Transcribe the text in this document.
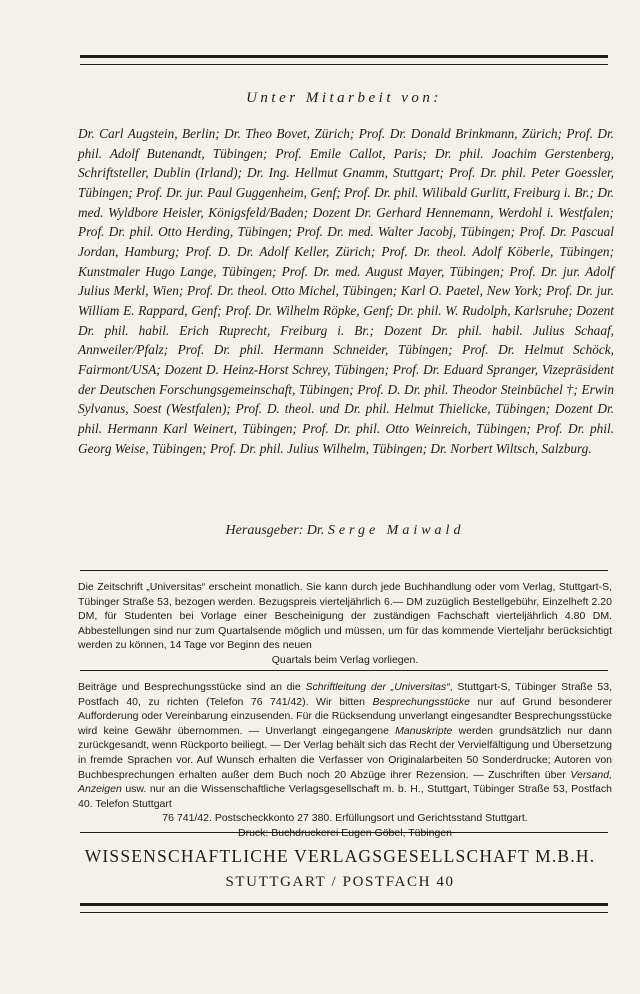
Unter Mitarbeit von:
Dr. Carl Augstein, Berlin; Dr. Theo Bovet, Zürich; Prof. Dr. Donald Brinkmann, Zürich; Prof. Dr. phil. Adolf Butenandt, Tübingen; Prof. Emile Callot, Paris; Dr. phil. Joachim Gerstenberg, Schriftsteller, Dublin (Irland); Dr. Ing. Hellmut Gnamm, Stuttgart; Prof. Dr. phil. Peter Goessler, Tübingen; Prof. Dr. jur. Paul Guggenheim, Genf; Prof. Dr. phil. Wilibald Gurlitt, Freiburg i. Br.; Dr. med. Wyldbore Heisler, Königsfeld/Baden; Dozent Dr. Gerhard Hennemann, Werdohl i. Westfalen; Prof. Dr. phil. Otto Herding, Tübingen; Prof. Dr. med. Walter Jacobj, Tübingen; Prof. Dr. Pascual Jordan, Hamburg; Prof. D. Dr. Adolf Keller, Zürich; Prof. Dr. theol. Adolf Köberle, Tübingen; Kunstmaler Hugo Lange, Tübingen; Prof. Dr. med. August Mayer, Tübingen; Prof. Dr. jur. Adolf Julius Merkl, Wien; Prof. Dr. theol. Otto Michel, Tübingen; Karl O. Paetel, New York; Prof. Dr. jur. William E. Rappard, Genf; Prof. Dr. Wilhelm Röpke, Genf; Dr. phil. W. Rudolph, Karlsruhe; Dozent Dr. phil. habil. Erich Ruprecht, Freiburg i. Br.; Dozent Dr. phil. habil. Julius Schaaf, Annweiler/Pfalz; Prof. Dr. phil. Hermann Schneider, Tübingen; Prof. Dr. Helmut Schöck, Fairmont/USA; Dozent D. Heinz-Horst Schrey, Tübingen; Prof. Dr. Eduard Spranger, Vizepräsident der Deutschen Forschungsgemeinschaft, Tübingen; Prof. D. Dr. phil. Theodor Steinbüchel †; Erwin Sylvanus, Soest (Westfalen); Prof. D. theol. und Dr. phil. Helmut Thielicke, Tübingen; Dozent Dr. phil. Hermann Karl Weinert, Tübingen; Prof. Dr. phil. Otto Weinreich, Tübingen; Prof. Dr. phil. Georg Weise, Tübingen; Prof. Dr. phil. Julius Wilhelm, Tübingen; Dr. Norbert Wiltsch, Salzburg.
Herausgeber: Dr. Serge Maiwald
Die Zeitschrift „Universitas“ erscheint monatlich. Sie kann durch jede Buchhandlung oder vom Verlag, Stuttgart-S, Tübinger Straße 53, bezogen werden. Bezugspreis vierteljährlich 6.— DM zuzüglich Bestellgebühr, Einzelheft 2.20 DM, für Studenten bei Vorlage einer Bescheinigung der zuständigen Fachschaft vierteljährlich 4.80 DM. Abbestellungen sind nur zum Quartalsende möglich und müssen, um für das kommende Vierteljahr berücksichtigt werden zu können, 14 Tage vor Beginn des neuen
Quartals beim Verlag vorliegen.
Beiträge und Besprechungsstücke sind an die Schriftleitung der „Universitas“, Stuttgart-S, Tübinger Straße 53, Postfach 40, zu richten (Telefon 76 741/42). Wir bitten Besprechungsstücke nur auf Grund besonderer Aufforderung oder Vereinbarung einzusenden. Für die Rücksendung unverlangt eingesandter Besprechungsstücke wird keine Gewähr übernommen. — Unverlangt eingegangene Manuskripte werden grundsätzlich nur dann zurückgesandt, wenn Rückporto beiliegt. — Der Verlag behält sich das Recht der Vervielfältigung und Übersetzung in fremde Sprachen vor. Auf Wunsch erhalten die Verfasser von Originalarbeiten 50 Sonderdrucke; Autoren von Buchbesprechungen erhalten außer dem Buch noch 20 Abzüge ihrer Rezension. — Zuschriften über Versand, Anzeigen usw. nur an die Wissenschaftliche Verlagsgesellschaft m. b. H., Stuttgart, Tübinger Straße 53, Postfach 40. Telefon Stuttgart
76 741/42. Postscheckkonto 27 380. Erfüllungsort und Gerichtsstand Stuttgart.
Druck: Buchdruckerei Eugen Göbel, Tübingen
WISSENSCHAFTLICHE VERLAGSGESELLSCHAFT M.B.H.
STUTTGART / POSTFACH 40
